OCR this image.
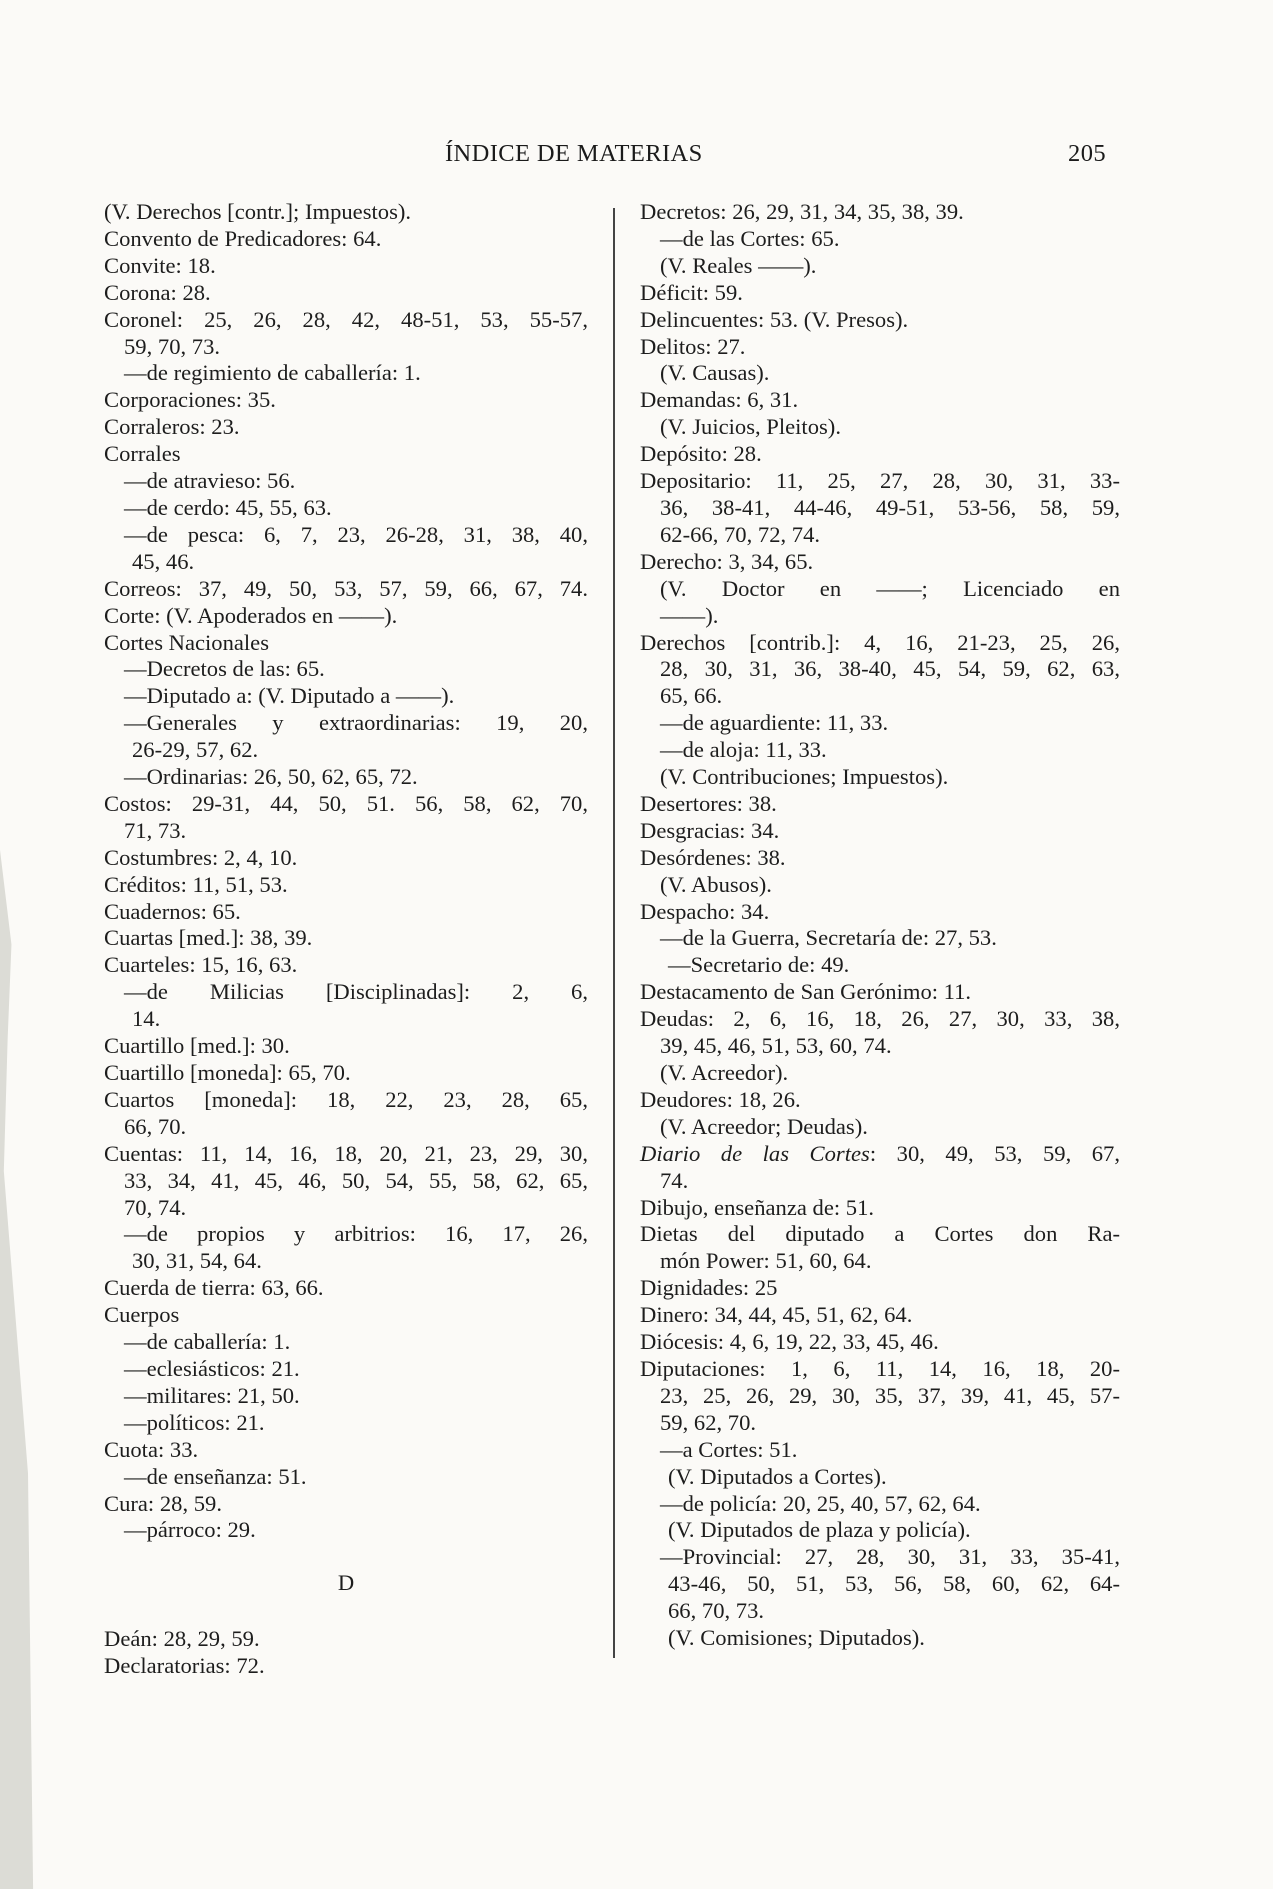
ÍNDICE DE MATERIAS	205
(V. Derechos [contr.]; Impuestos).
Convento de Predicadores: 64.
Convite: 18.
Corona: 28.
Coronel: 25, 26, 28, 42, 48-51, 53, 55-57,
59, 70, 73.
—de regimiento de caballería: 1.
Corporaciones: 35.
Corraleros: 23.
Corrales
—de atravieso: 56.
—de cerdo: 45, 55, 63.
—de pesca: 6, 7, 23, 26-28, 31, 38, 40,
45, 46.
Correos: 37, 49, 50, 53, 57, 59, 66, 67, 74.
Corte: (V. Apoderados en ——).
Cortes Nacionales
—Decretos de las: 65.
—Diputado a: (V. Diputado a ——).
—Generales y extraordinarias: 19, 20,
26-29, 57, 62.
—Ordinarias: 26, 50, 62, 65, 72.
Costos: 29-31, 44, 50, 51. 56, 58, 62, 70,
71, 73.
Costumbres: 2, 4, 10.
Créditos: 11, 51, 53.
Cuadernos: 65.
Cuartas [med.]: 38, 39.
Cuarteles: 15, 16, 63.
—de Milicias [Disciplinadas]: 2, 6,
14.
Cuartillo [med.]: 30.
Cuartillo [moneda]: 65, 70.
Cuartos [moneda]: 18, 22, 23, 28, 65,
66, 70.
Cuentas: 11, 14, 16, 18, 20, 21, 23, 29, 30,
33, 34, 41, 45, 46, 50, 54, 55, 58, 62, 65,
70, 74.
—de propios y arbitrios: 16, 17, 26,
30, 31, 54, 64.
Cuerda de tierra: 63, 66.
Cuerpos
—de caballería: 1.
—eclesiásticos: 21.
—militares: 21, 50.
—políticos: 21.
Cuota: 33.
—de enseñanza: 51.
Cura: 28, 59.
—párroco: 29.
D
Deán: 28, 29, 59.
Declaratorias: 72.
Decretos: 26, 29, 31, 34, 35, 38, 39.
—de las Cortes: 65.
(V. Reales ——).
Déficit: 59.
Delincuentes: 53. (V. Presos).
Delitos: 27.
(V. Causas).
Demandas: 6, 31.
(V. Juicios, Pleitos).
Depósito: 28.
Depositario: 11, 25, 27, 28, 30, 31, 33-
36, 38-41, 44-46, 49-51, 53-56, 58, 59,
62-66, 70, 72, 74.
Derecho: 3, 34, 65.
(V. Doctor en ——; Licenciado en
——).
Derechos [contrib.]: 4, 16, 21-23, 25, 26,
28, 30, 31, 36, 38-40, 45, 54, 59, 62, 63,
65, 66.
—de aguardiente: 11, 33.
—de aloja: 11, 33.
(V. Contribuciones; Impuestos).
Desertores: 38.
Desgracias: 34.
Desórdenes: 38.
(V. Abusos).
Despacho: 34.
—de la Guerra, Secretaría de: 27, 53.
—Secretario de: 49.
Destacamento de San Gerónimo: 11.
Deudas: 2, 6, 16, 18, 26, 27, 30, 33, 38,
39, 45, 46, 51, 53, 60, 74.
(V. Acreedor).
Deudores: 18, 26.
(V. Acreedor; Deudas).
Diario de las Cortes: 30, 49, 53, 59, 67,
74.
Dibujo, enseñanza de: 51.
Dietas del diputado a Cortes don Ra-
món Power: 51, 60, 64.
Dignidades: 25
Dinero: 34, 44, 45, 51, 62, 64.
Diócesis: 4, 6, 19, 22, 33, 45, 46.
Diputaciones: 1, 6, 11, 14, 16, 18, 20-
23, 25, 26, 29, 30, 35, 37, 39, 41, 45, 57-
59, 62, 70.
—a Cortes: 51.
(V. Diputados a Cortes).
—de policía: 20, 25, 40, 57, 62, 64.
(V. Diputados de plaza y policía).
—Provincial: 27, 28, 30, 31, 33, 35-41,
43-46, 50, 51, 53, 56, 58, 60, 62, 64-
66, 70, 73.
(V. Comisiones; Diputados).
